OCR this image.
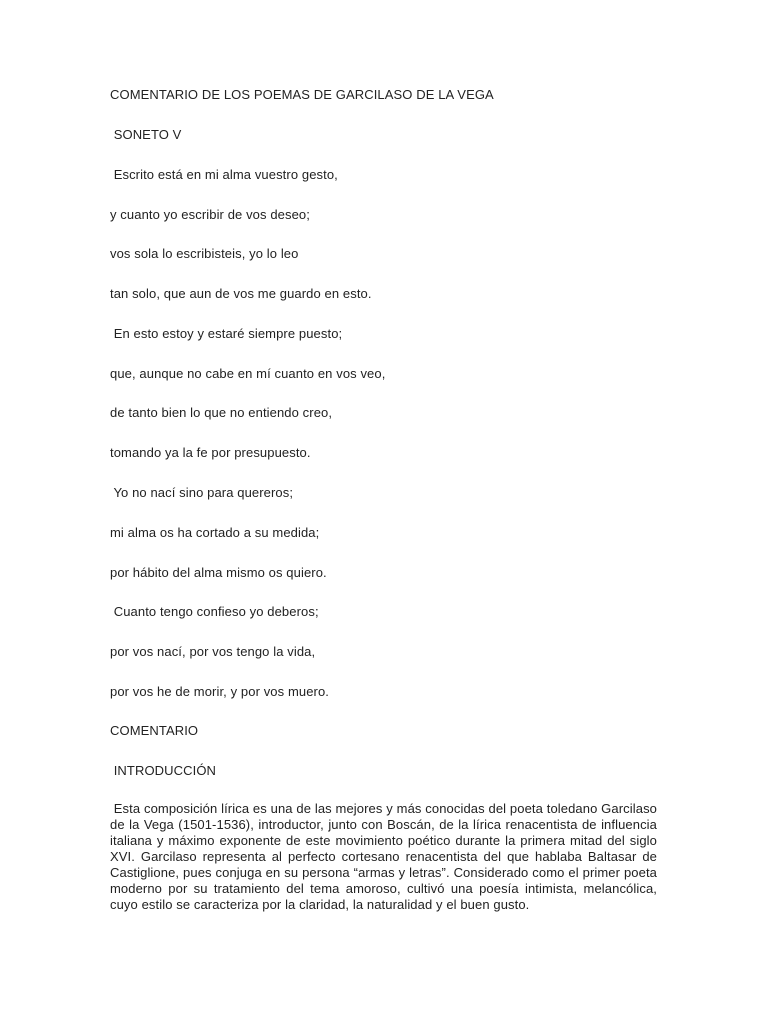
COMENTARIO DE LOS POEMAS DE GARCILASO DE LA VEGA
SONETO V
Escrito está en mi alma vuestro gesto,
y cuanto yo escribir de vos deseo;
vos sola lo escribisteis, yo lo leo
tan solo, que aun de vos me guardo en esto.
En esto estoy y estaré siempre puesto;
que, aunque no cabe en mí cuanto en vos veo,
de tanto bien lo que no entiendo creo,
tomando ya la fe por presupuesto.
Yo no nací sino para quereros;
mi alma os ha cortado a su medida;
por hábito del alma mismo os quiero.
Cuanto tengo confieso yo deberos;
por vos nací, por vos tengo la vida,
por vos he de morir, y por vos muero.
COMENTARIO
INTRODUCCIÓN
Esta composición lírica es una de las mejores y más conocidas del poeta toledano Garcilaso de la Vega (1501-1536), introductor, junto con Boscán, de la lírica renacentista de influencia italiana y máximo exponente de este movimiento poético durante la primera mitad del siglo XVI. Garcilaso representa al perfecto cortesano renacentista del que hablaba Baltasar de Castiglione, pues conjuga en su persona “armas y letras”. Considerado como el primer poeta moderno por su tratamiento del tema amoroso, cultivó una poesía intimista, melancólica, cuyo estilo se caracteriza por la claridad, la naturalidad y el buen gusto.
